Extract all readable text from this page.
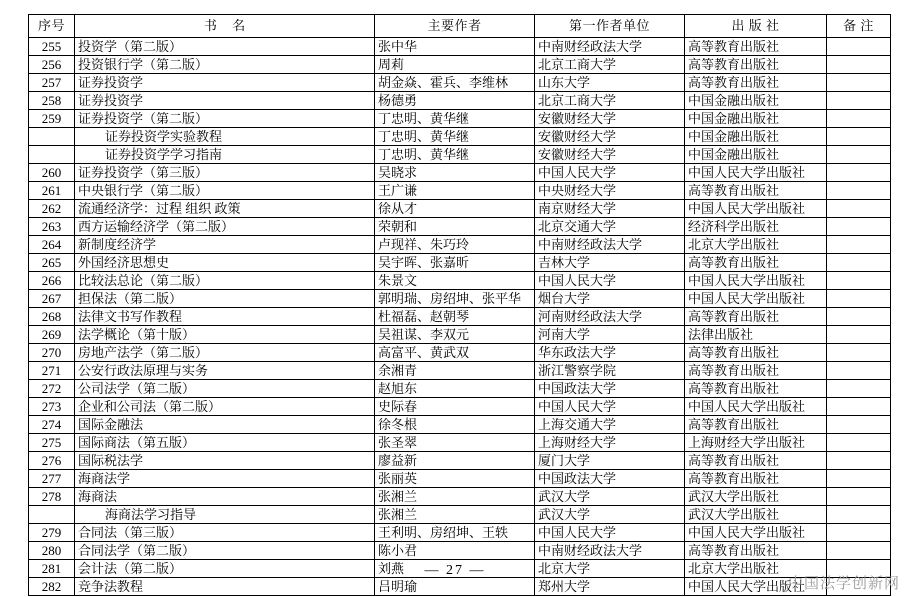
序号	书 名	主要作者	第一作者单位	出 版 社	备 注
255	投资学（第二版）	张中华	中南财经政法大学	高等教育出版社	
256	投资银行学（第二版）	周莉	北京工商大学	高等教育出版社	
257	证券投资学	胡金焱、霍兵、李维林	山东大学	高等教育出版社	
258	证券投资学	杨德勇	北京工商大学	中国金融出版社	
259	证券投资学（第二版）	丁忠明、黄华继	安徽财经大学	中国金融出版社	
	证券投资学实验教程	丁忠明、黄华继	安徽财经大学	中国金融出版社	
	证券投资学学习指南	丁忠明、黄华继	安徽财经大学	中国金融出版社	
260	证券投资学（第三版）	吴晓求	中国人民大学	中国人民大学出版社	
261	中央银行学（第二版）	王广谦	中央财经大学	高等教育出版社	
262	流通经济学：过程 组织 政策	徐从才	南京财经大学	中国人民大学出版社	
263	西方运输经济学（第二版）	荣朝和	北京交通大学	经济科学出版社	
264	新制度经济学	卢现祥、朱巧玲	中南财经政法大学	北京大学出版社	
265	外国经济思想史	吴宇晖、张嘉昕	吉林大学	高等教育出版社	
266	比较法总论（第二版）	朱景文	中国人民大学	中国人民大学出版社	
267	担保法（第二版）	郭明瑞、房绍坤、张平华	烟台大学	中国人民大学出版社	
268	法律文书写作教程	杜福磊、赵朝琴	河南财经政法大学	高等教育出版社	
269	法学概论（第十版）	吴祖谋、李双元	河南大学	法律出版社	
270	房地产法学（第二版）	高富平、黄武双	华东政法大学	高等教育出版社	
271	公安行政法原理与实务	余湘青	浙江警察学院	高等教育出版社	
272	公司法学（第二版）	赵旭东	中国政法大学	高等教育出版社	
273	企业和公司法（第二版）	史际春	中国人民大学	中国人民大学出版社	
274	国际金融法	徐冬根	上海交通大学	高等教育出版社	
275	国际商法（第五版）	张圣翠	上海财经大学	上海财经大学出版社	
276	国际税法学	廖益新	厦门大学	高等教育出版社	
277	海商法学	张丽英	中国政法大学	高等教育出版社	
278	海商法	张湘兰	武汉大学	武汉大学出版社	
	海商法学习指导	张湘兰	武汉大学	武汉大学出版社	
279	合同法（第三版）	王利明、房绍坤、王轶	中国人民大学	中国人民大学出版社	
280	合同法学（第二版）	陈小君	中南财经政法大学	高等教育出版社	
281	会计法（第二版）	刘燕	北京大学	北京大学出版社	
282	竞争法教程	吕明瑜	郑州大学	中国人民大学出版社	
— 27 —
中国法学创新网
